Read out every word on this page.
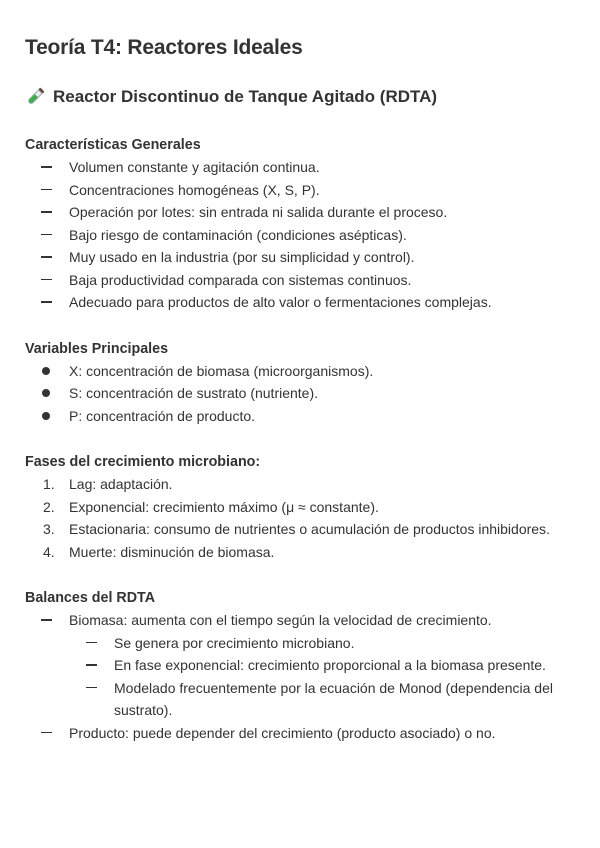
Teoría T4: Reactores Ideales
Reactor Discontinuo de Tanque Agitado (RDTA)
Características Generales
Volumen constante y agitación continua.
Concentraciones homogéneas (X, S, P).
Operación por lotes: sin entrada ni salida durante el proceso.
Bajo riesgo de contaminación (condiciones asépticas).
Muy usado en la industria (por su simplicidad y control).
Baja productividad comparada con sistemas continuos.
Adecuado para productos de alto valor o fermentaciones complejas.
Variables Principales
X: concentración de biomasa (microorganismos).
S: concentración de sustrato (nutriente).
P: concentración de producto.
Fases del crecimiento microbiano:
1. Lag: adaptación.
2. Exponencial: crecimiento máximo (μ ≈ constante).
3. Estacionaria: consumo de nutrientes o acumulación de productos inhibidores.
4. Muerte: disminución de biomasa.
Balances del RDTA
Biomasa: aumenta con el tiempo según la velocidad de crecimiento.
Se genera por crecimiento microbiano.
En fase exponencial: crecimiento proporcional a la biomasa presente.
Modelado frecuentemente por la ecuación de Monod (dependencia del sustrato).
Producto: puede depender del crecimiento (producto asociado) o no.
